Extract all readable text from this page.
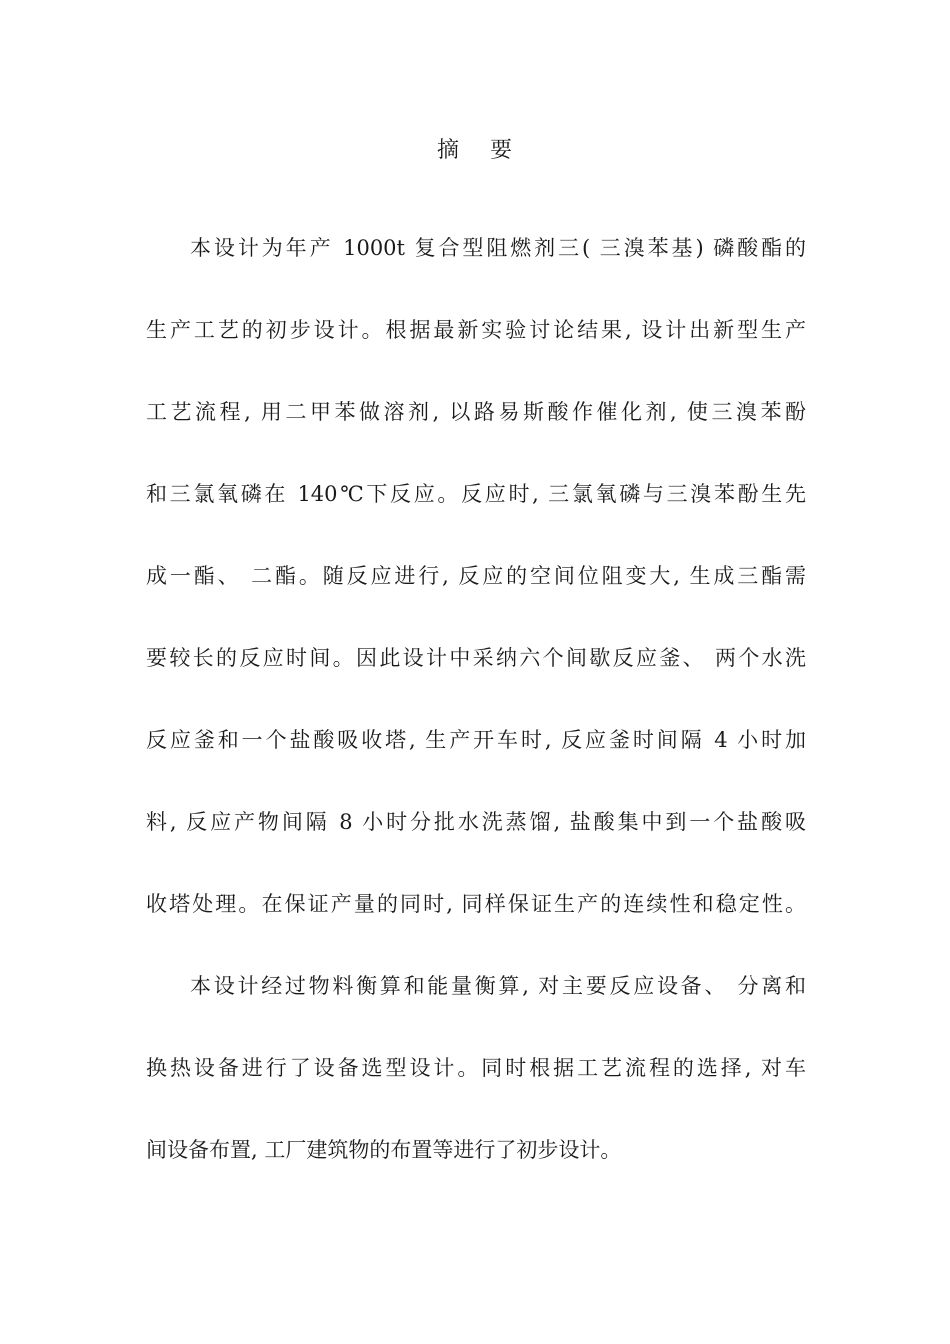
摘 要
本设计为年产 1000t 复合型阻燃剂三( 三溴苯基) 磷酸酯的
生产工艺的初步设计。根据最新实验讨论结果, 设计出新型生产
工艺流程, 用二甲苯做溶剂, 以路易斯酸作催化剂, 使三溴苯酚
和三氯氧磷在 140℃下反应。反应时, 三氯氧磷与三溴苯酚生先
成一酯、 二酯。随反应进行, 反应的空间位阻变大, 生成三酯需
要较长的反应时间。因此设计中采纳六个间歇反应釜、 两个水洗
反应釜和一个盐酸吸收塔, 生产开车时, 反应釜时间隔 4 小时加
料, 反应产物间隔 8 小时分批水洗蒸馏, 盐酸集中到一个盐酸吸
收塔处理。在保证产量的同时, 同样保证生产的连续性和稳定性。
本设计经过物料衡算和能量衡算, 对主要反应设备、 分离和
换热设备进行了设备选型设计。同时根据工艺流程的选择, 对车
间设备布置, 工厂建筑物的布置等进行了初步设计。
